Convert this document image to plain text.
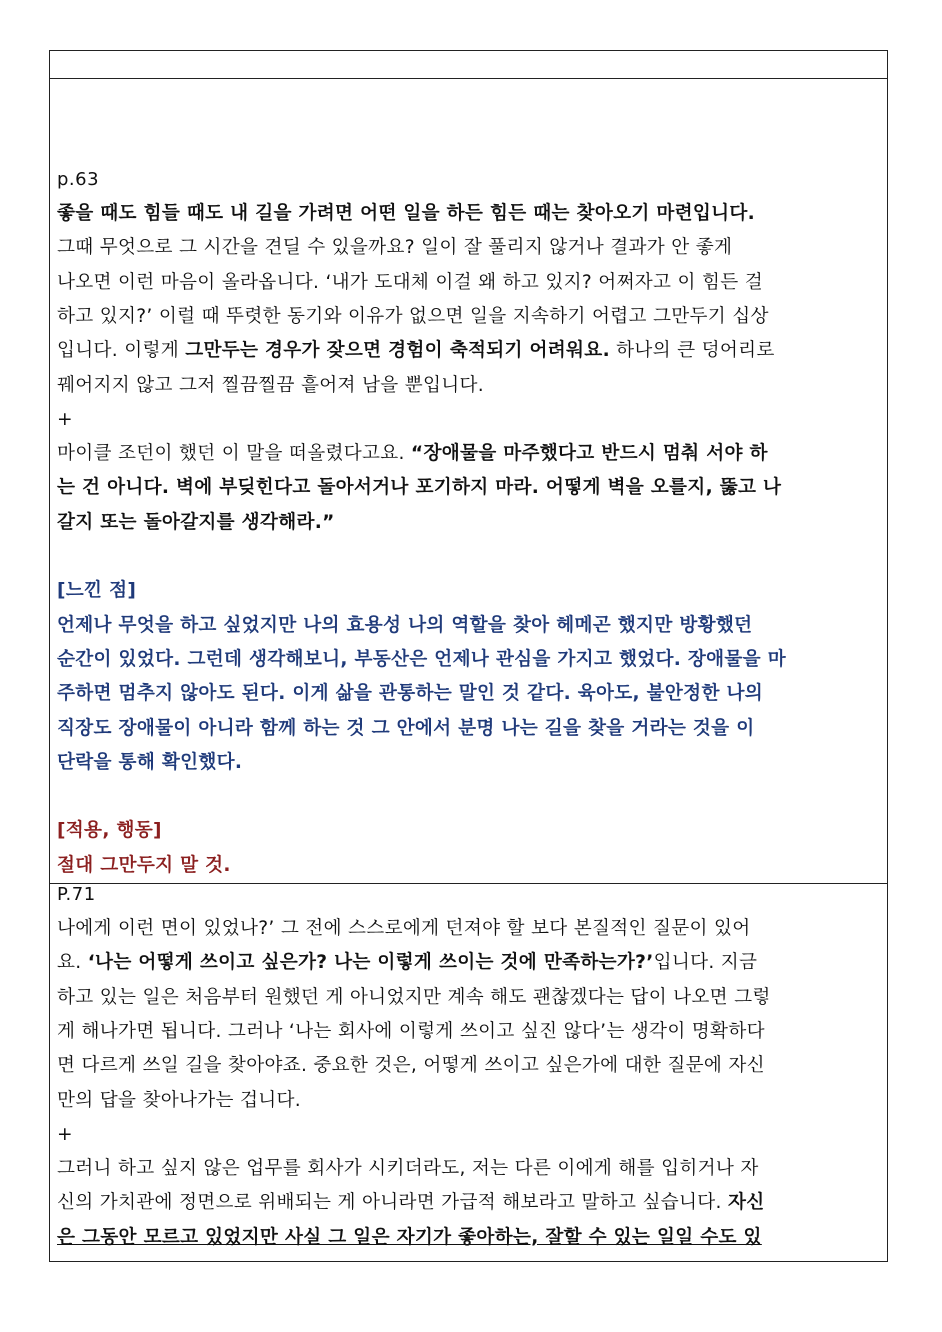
p.63
좋을 때도 힘들 때도 내 길을 가려면 어떤 일을 하든 힘든 때는 찾아오기 마련입니다.
그때 무엇으로 그 시간을 견딜 수 있을까요? 일이 잘 풀리지 않거나 결과가 안 좋게
나오면 이런 마음이 올라옵니다. ‘내가 도대체 이걸 왜 하고 있지? 어쩌자고 이 힘든 걸
하고 있지?’ 이럴 때 뚜렷한 동기와 이유가 없으면 일을 지속하기 어렵고 그만두기 십상
입니다. 이렇게 그만두는 경우가 잦으면 경험이 축적되기 어려워요. 하나의 큰 덩어리로
꿰어지지 않고 그저 찔끔찔끔 흩어져 남을 뿐입니다.
+
마이클 조던이 했던 이 말을 떠올렸다고요. “장애물을 마주했다고 반드시 멈춰 서야 하
는 건 아니다. 벽에 부딪힌다고 돌아서거나 포기하지 마라. 어떻게 벽을 오를지, 뚫고 나
갈지 또는 돌아갈지를 생각해라.”
[느낀 점]
언제나 무엇을 하고 싶었지만 나의 효용성 나의 역할을 찾아 헤메곤 했지만 방황했던
순간이 있었다. 그런데 생각해보니, 부동산은 언제나 관심을 가지고 했었다. 장애물을 마
주하면 멈추지 않아도 된다. 이게 삶을 관통하는 말인 것 같다. 육아도, 불안정한 나의
직장도 장애물이 아니라 함께 하는 것 그 안에서 분명 나는 길을 찾을 거라는 것을 이
단락을 통해 확인했다.
[적용, 행동]
절대 그만두지 말 것.
P.71
나에게 이런 면이 있었나?’ 그 전에 스스로에게 던져야 할 보다 본질적인 질문이 있어
요. ‘나는 어떻게 쓰이고 싶은가? 나는 이렇게 쓰이는 것에 만족하는가?’입니다. 지금
하고 있는 일은 처음부터 원했던 게 아니었지만 계속 해도 괜찮겠다는 답이 나오면 그렇
게 해나가면 됩니다. 그러나 ‘나는 회사에 이렇게 쓰이고 싶진 않다’는 생각이 명확하다
면 다르게 쓰일 길을 찾아야죠. 중요한 것은, 어떻게 쓰이고 싶은가에 대한 질문에 자신
만의 답을 찾아나가는 겁니다.
+
그러니 하고 싶지 않은 업무를 회사가 시키더라도, 저는 다른 이에게 해를 입히거나 자
신의 가치관에 정면으로 위배되는 게 아니라면 가급적 해보라고 말하고 싶습니다. 자신
은 그동안 모르고 있었지만 사실 그 일은 자기가 좋아하는, 잘할 수 있는 일일 수도 있
